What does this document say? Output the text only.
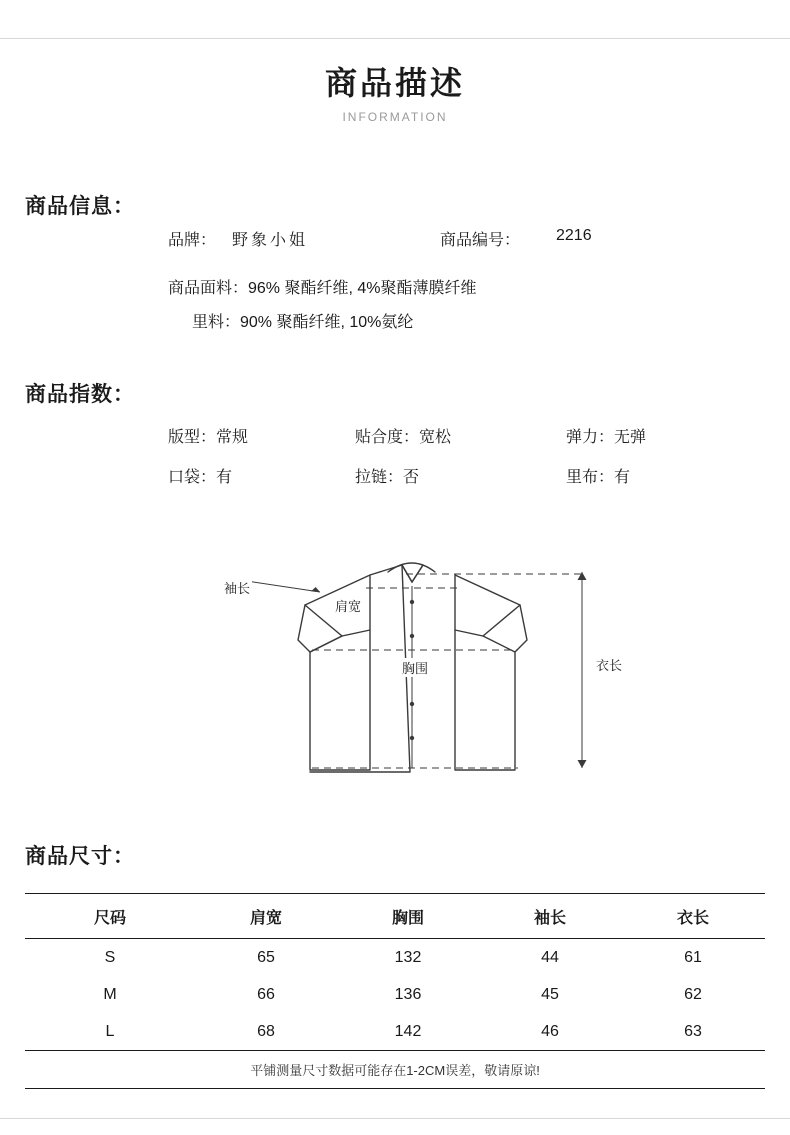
商品描述
INFORMATION
商品信息：
品牌： 野象小姐	商品编号： 2216
商品面料：96% 聚酯纤维, 4%聚酯薄膜纤维
里料：90% 聚酯纤维, 10%氨纶
商品指数：
版型：常规	贴合度：宽松	弹力：无弹
口袋：有	拉链：否	里布：有
袖长
肩宽
胸围	衣长
商品尺寸：
尺码	肩宽	胸围	袖长	衣长
S	65	132	44	61
M	66	136	45	62
L	68	142	46	63
平铺测量尺寸数据可能存在1-2CM误差，敬请原谅!				
